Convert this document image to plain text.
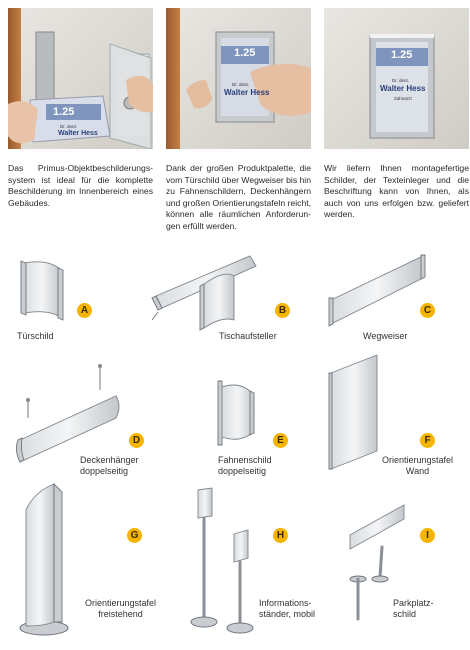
1.25
Dr. dent.
Walter Hess
1.25
Dr. dent.
Walter Hess
1.25
Dr. dent.
Walter Hess
Zahnarzt
Das Primus-Objektbeschilderungs-system ist ideal für die komplette Beschilderung im Innenbereich eines Gebäudes.
Dank der großen Produktpalette, die vom Türschild über Wegweiser bis hin zu Fahnenschildern, Deckenhängern und großen Orientierungstafeln reicht, können alle räumlichen Anforderun-gen erfüllt werden.
Wir liefern Ihnen montagefertige Schilder, der Texteinleger und die Beschriftung kann von Ihnen, als auch von uns erfolgen bzw. geliefert werden.
A
Türschild
B
Tischaufsteller
C
Wegweiser
D
Deckenhänger
doppelseitig
E
Fahnenschild
doppelseitig
F
Orientierungstafel
Wand
G
Orientierungstafel
freistehend
H
Informations-
ständer, mobil
I
Parkplatz-
schild
